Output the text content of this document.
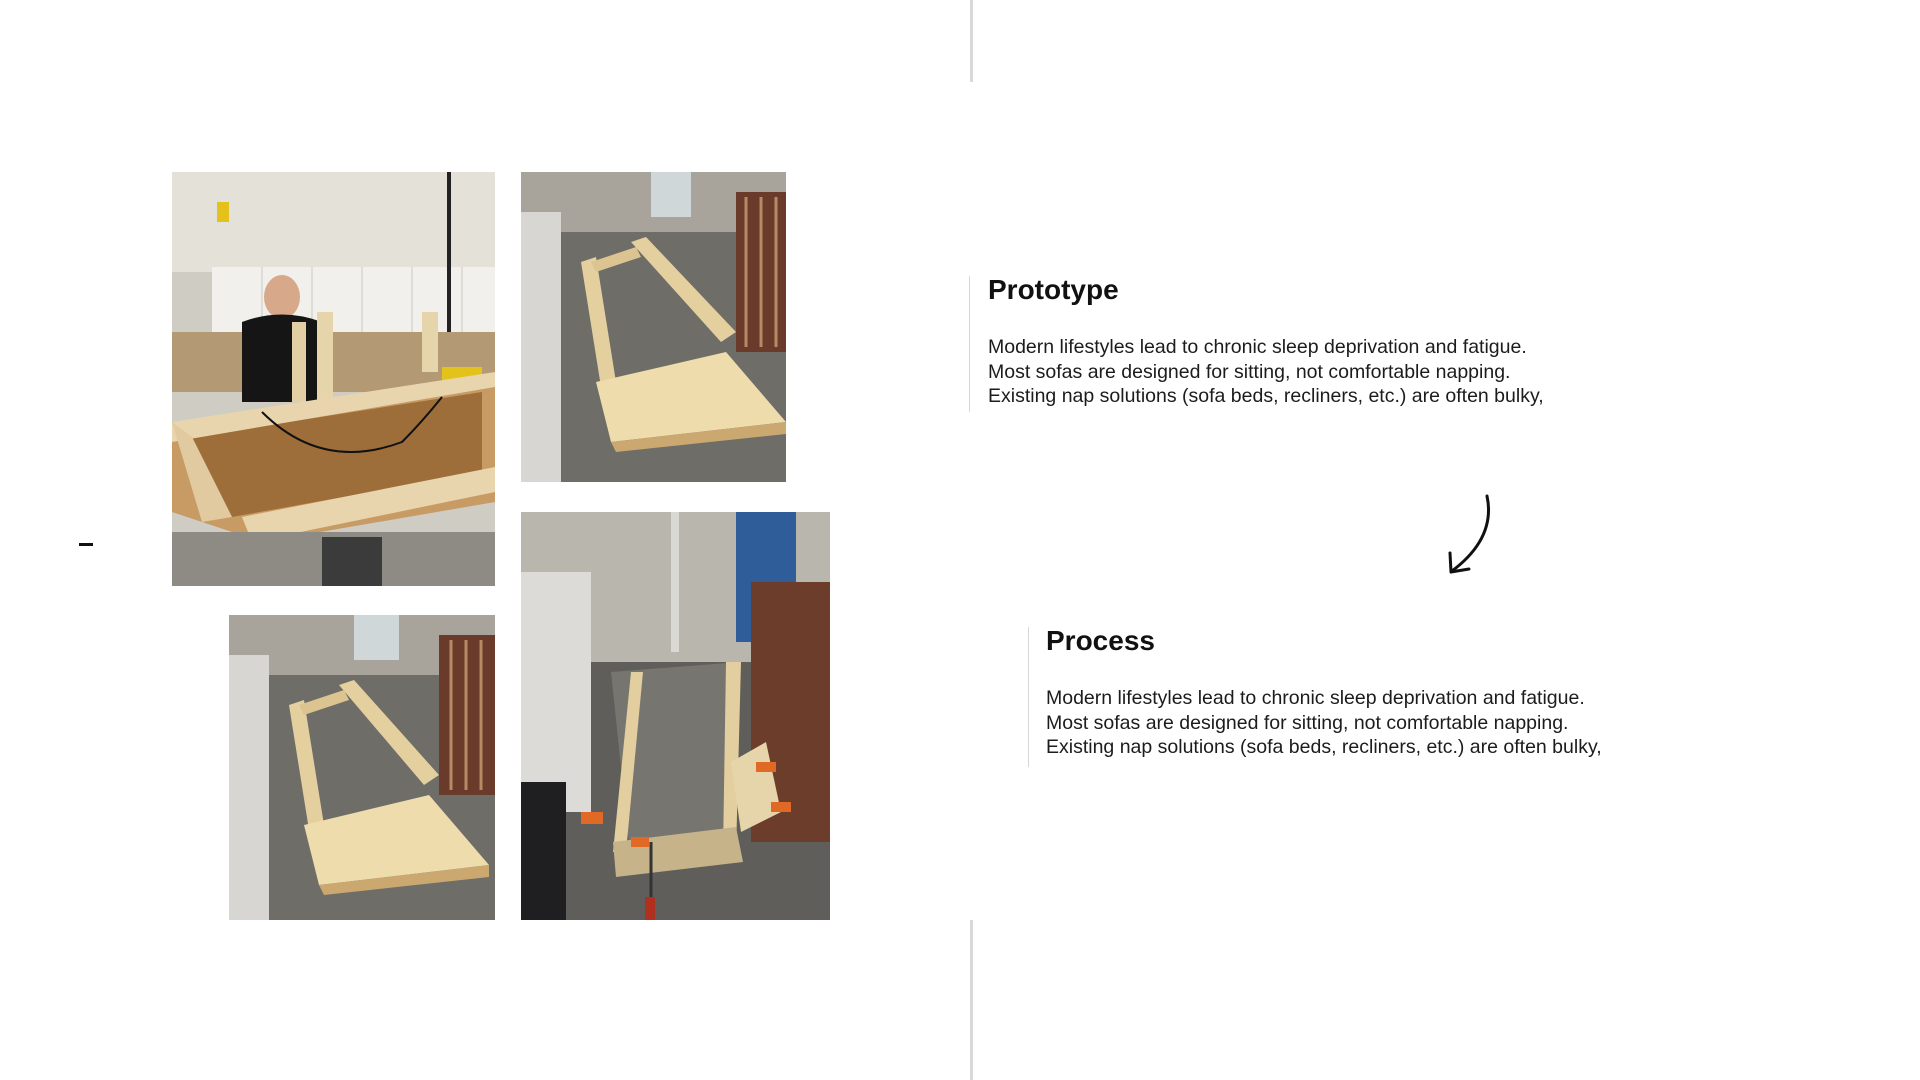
Prototype
Modern lifestyles lead to chronic sleep deprivation and fatigue.
Most sofas are designed for sitting, not comfortable napping.
Existing nap solutions (sofa beds, recliners, etc.) are often bulky,
Process
Modern lifestyles lead to chronic sleep deprivation and fatigue.
Most sofas are designed for sitting, not comfortable napping.
Existing nap solutions (sofa beds, recliners, etc.) are often bulky,
